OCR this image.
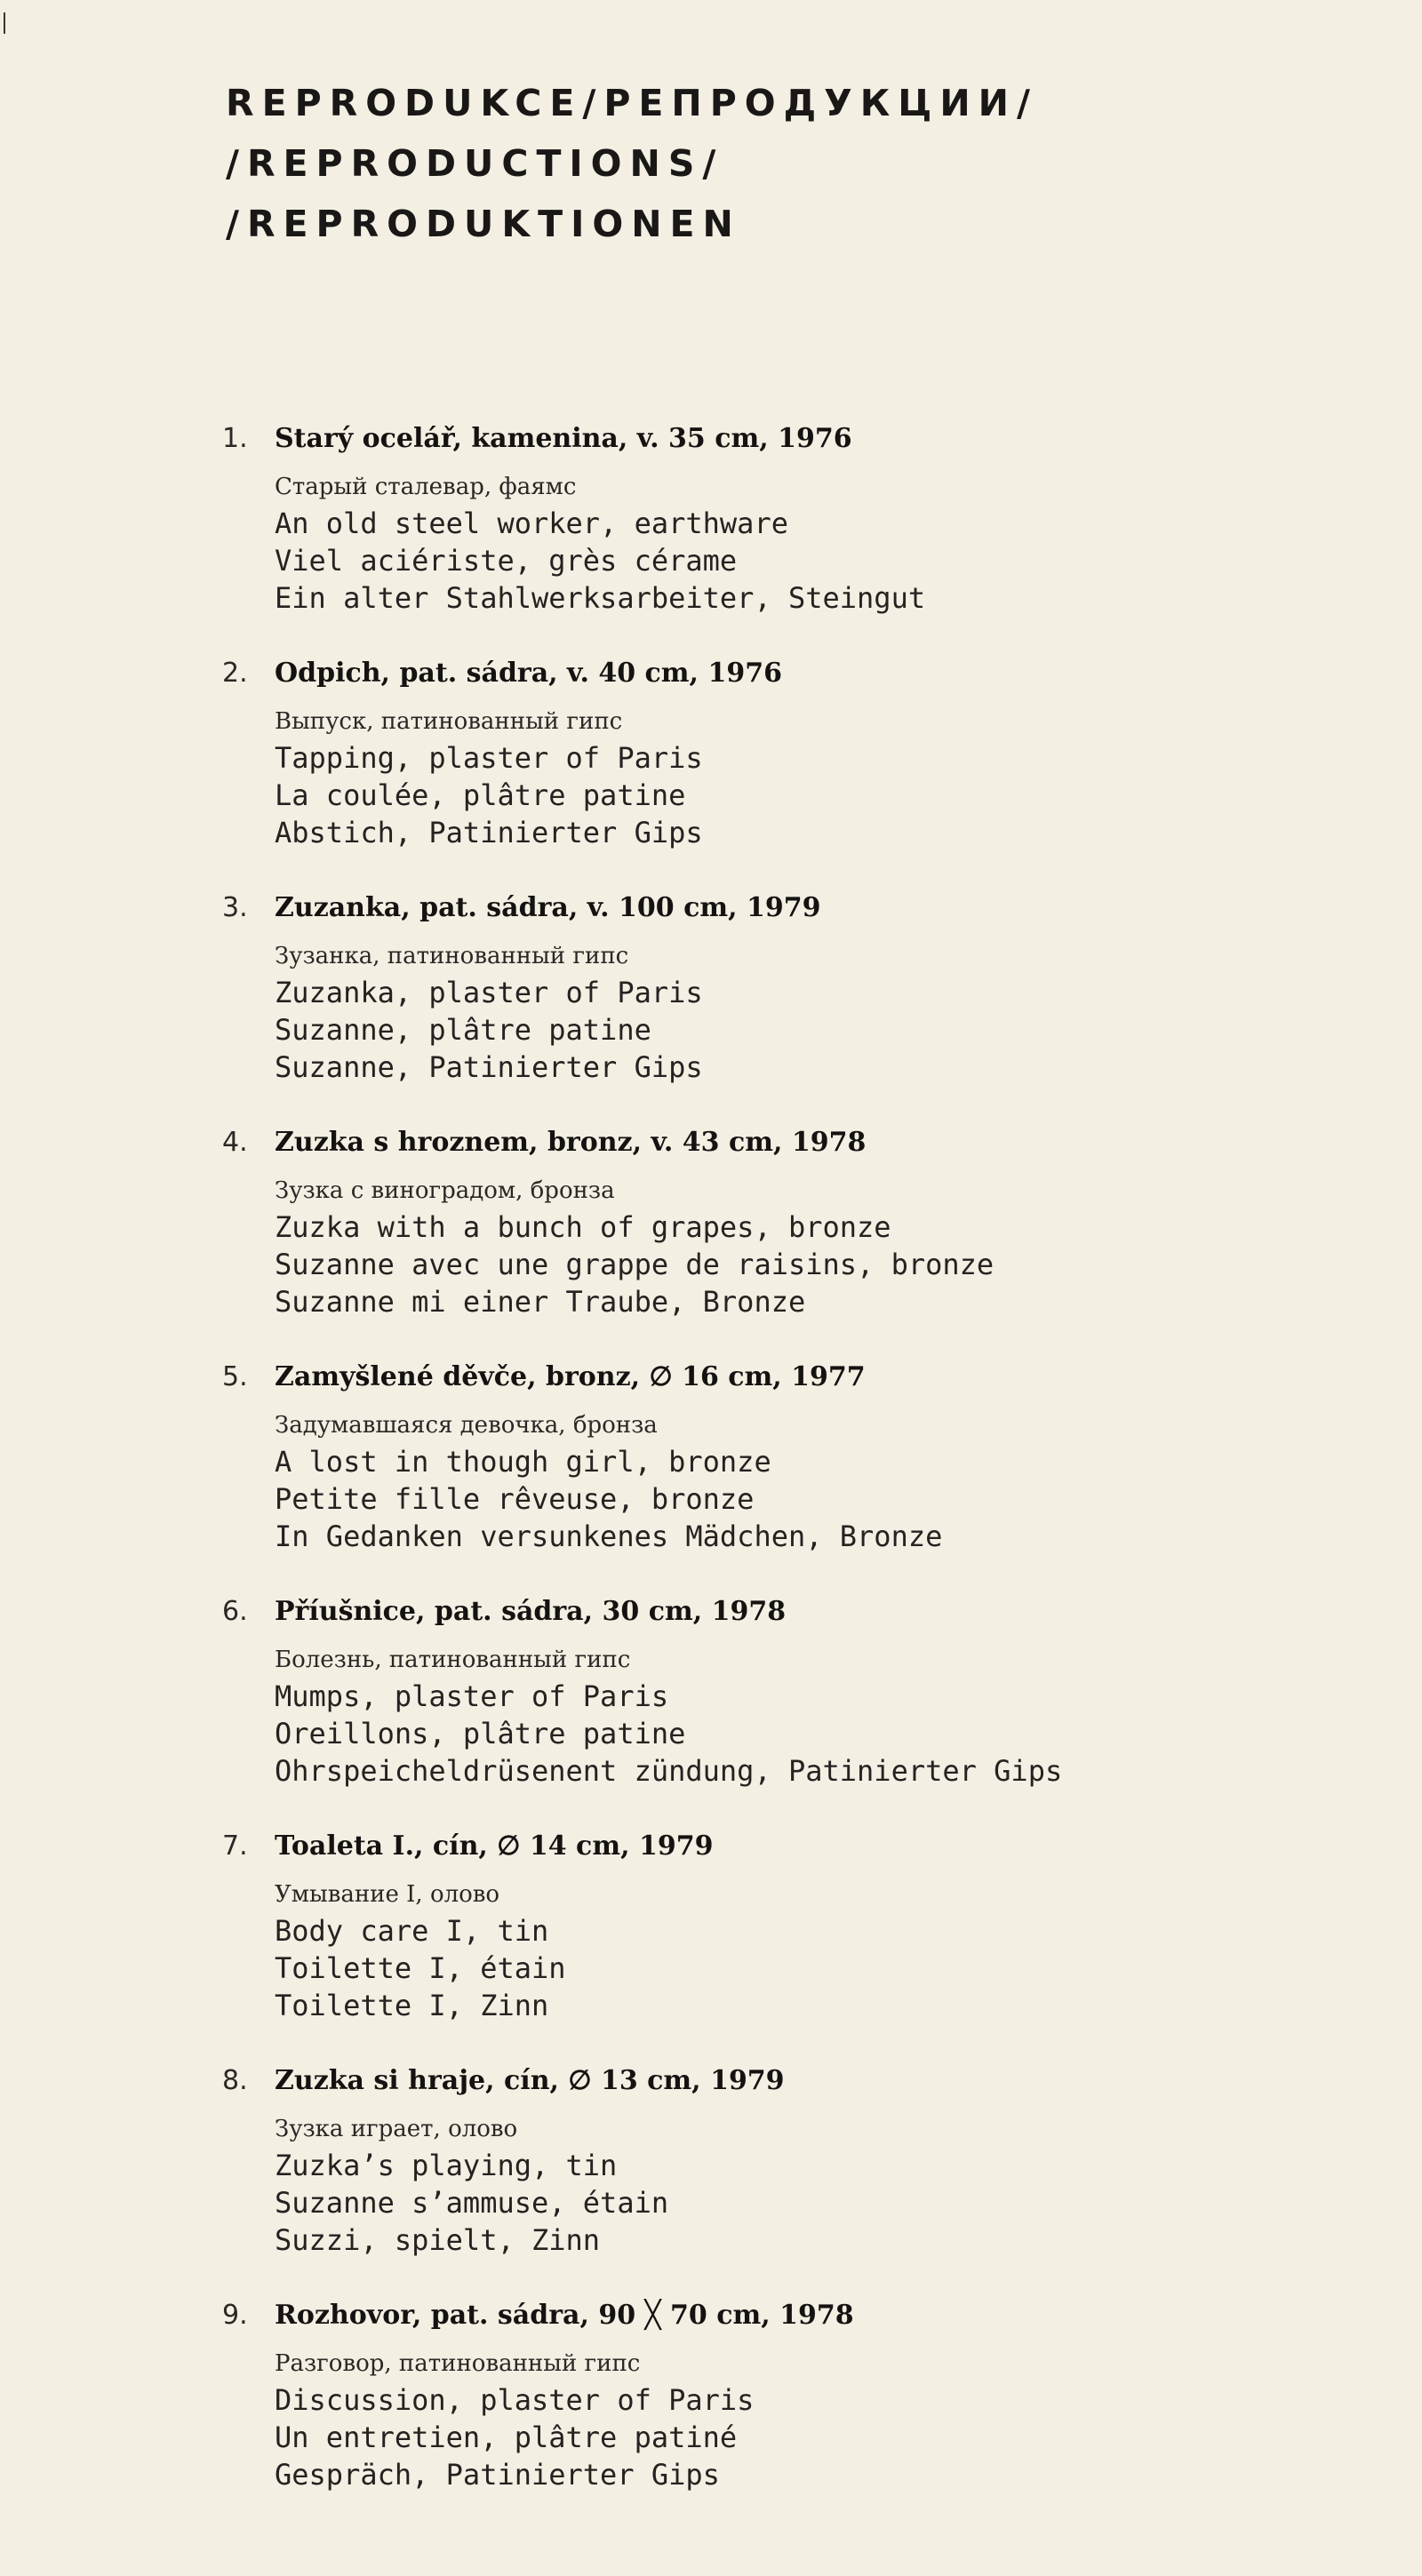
REPRODUKCE/РЕПРОДУКЦИИ/
/REPRODUCTIONS/
/REPRODUKTIONEN
1.	Starý ocelář, kamenina, v. 35 cm, 1976
Старый сталевар, фаямс
An old steel worker, earthware
Viel aciériste, grès cérame
Ein alter Stahlwerksarbeiter, Steingut
2.	Odpich, pat. sádra, v. 40 cm, 1976
Выпуск, патинованный гипс
Tapping, plaster of Paris
La coulée, plâtre patine
Abstich, Patinierter Gips
3.	Zuzanka, pat. sádra, v. 100 cm, 1979
Зузанка, патинованный гипс
Zuzanka, plaster of Paris
Suzanne, plâtre patine
Suzanne, Patinierter Gips
4.	Zuzka s hroznem, bronz, v. 43 cm, 1978
Зузка с виноградом, бронза
Zuzka with a bunch of grapes, bronze
Suzanne avec une grappe de raisins, bronze
Suzanne mi einer Traube, Bronze
5.	Zamyšlené děvče, bronz, ∅ 16 cm, 1977
Задумавшаяся девочка, бронза
A lost in though girl, bronze
Petite fille rêveuse, bronze
In Gedanken versunkenes Mädchen, Bronze
6.	Příušnice, pat. sádra, 30 cm, 1978
Болезнь, патинованный гипс
Mumps, plaster of Paris
Oreillons, plâtre patine
Ohrspeicheldrüsenent zündung, Patinierter Gips
7.	Toaleta I., cín, ∅ 14 cm, 1979
Умывание I, олово
Body care I, tin
Toilette I, étain
Toilette I, Zinn
8.	Zuzka si hraje, cín, ∅ 13 cm, 1979
Зузка играет, олово
Zuzka’s playing, tin
Suzanne s’ammuse, étain
Suzzi, spielt, Zinn
9.	Rozhovor, pat. sádra, 90 ╳ 70 cm, 1978
Разговор, патинованный гипс
Discussion, plaster of Paris
Un entretien, plâtre patiné
Gespräch, Patinierter Gips
